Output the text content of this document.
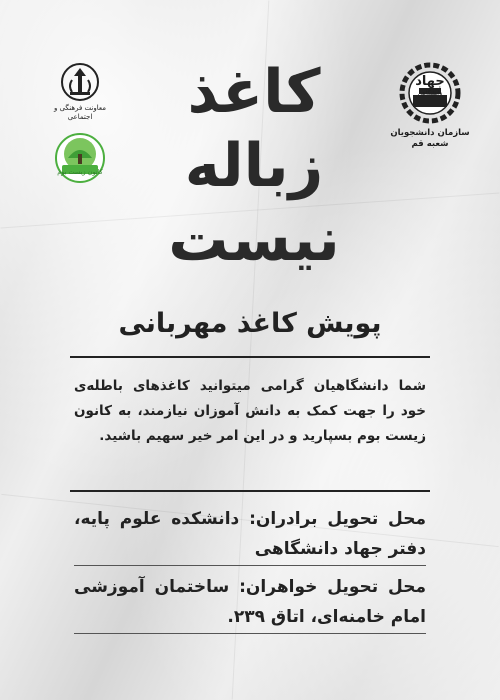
معاونت فرهنگی و اجتماعی
کانون زیست بوم
جهاد
دانشگاهی
سازمان دانشجویان
شعبه قم
کاغذ
زباله
نیست
پویش کاغذ مهربانی
شما دانشگاهیان گرامی میتوانید کاغذهای باطله‌ی خود را جهت کمک به دانش آموزان نیازمند، به کانون زیست بوم بسپارید و در این امر خیر سهیم باشید.
محل تحویل برادران: دانشکده علوم پایه، دفتر جهاد دانشگاهی
محل تحویل خواهران: ساختمان آموزشی امام خامنه‌ای، اتاق ۲۳۹.
